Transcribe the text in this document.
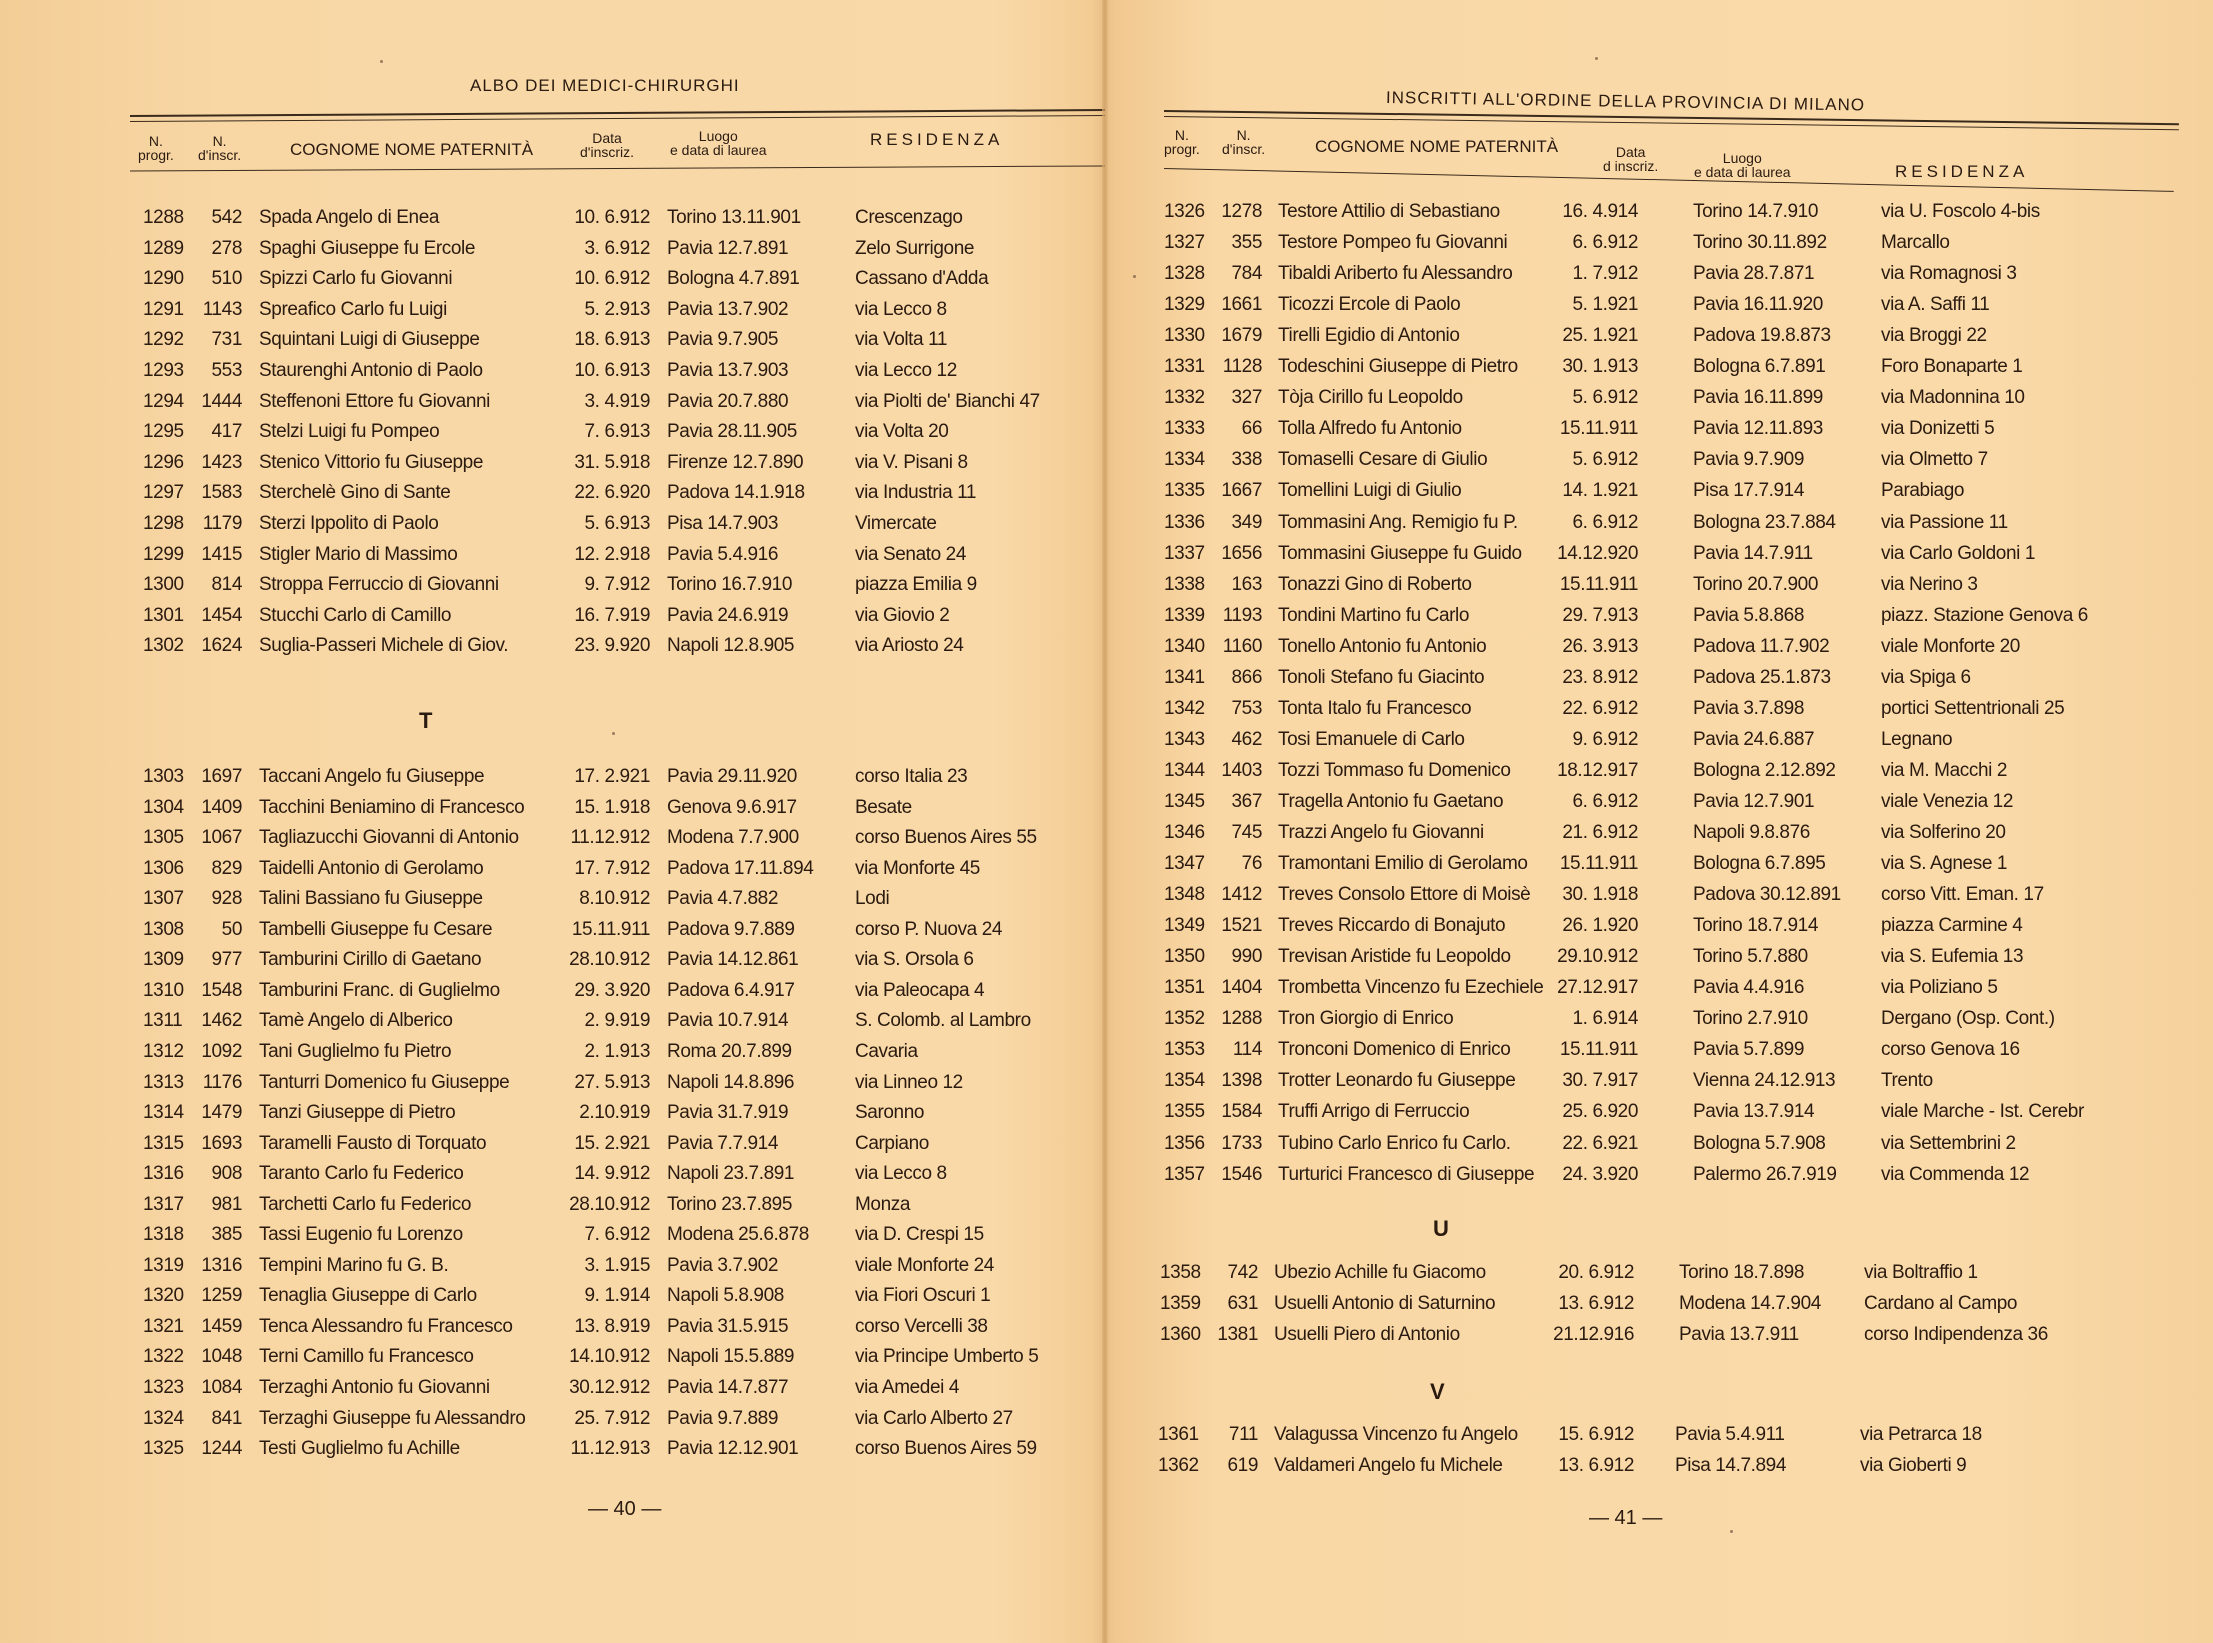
ALBO DEI MEDICI-CHIRURGHI
N.
progr.
N.
d'inscr.	COGNOME NOME PATERNITÀ
Data
d'inscriz.
Luogo
e data di laurea
RESIDENZA
1288	542 Spada Angelo di Enea	10. 6.912 Torino 13.11.901	Crescenzago
1289	278 Spaghi Giuseppe fu Ercole	3. 6.912 Pavia 12.7.891	Zelo Surrigone
1290	510 Spizzi Carlo fu Giovanni	10. 6.912 Bologna 4.7.891	Cassano d'Adda
1291	1143 Spreafico Carlo fu Luigi	5. 2.913 Pavia 13.7.902	via Lecco 8
1292	731 Squintani Luigi di Giuseppe	18. 6.913 Pavia 9.7.905	via Volta 11
1293	553 Staurenghi Antonio di Paolo	10. 6.913 Pavia 13.7.903	via Lecco 12
1294 1444 Steffenoni Ettore fu Giovanni	3. 4.919 Pavia 20.7.880	via Piolti de' Bianchi 47
1295	417 Stelzi Luigi fu Pompeo	7. 6.913 Pavia 28.11.905	via Volta 20
1296 1423 Stenico Vittorio fu Giuseppe	31. 5.918 Firenze 12.7.890	via V. Pisani 8
1297 1583 Sterchelè Gino di Sante	22. 6.920 Padova 14.1.918	via Industria 11
1298	1179 Sterzi Ippolito di Paolo	5. 6.913 Pisa 14.7.903	Vimercate
1299 1415 Stigler Mario di Massimo	12. 2.918 Pavia 5.4.916	via Senato 24
1300	814 Stroppa Ferruccio di Giovanni	9. 7.912 Torino 16.7.910	piazza Emilia 9
1301 1454 Stucchi Carlo di Camillo	16. 7.919 Pavia 24.6.919	via Giovio 2
1302 1624 Suglia-Passeri Michele di Giov.	23. 9.920 Napoli 12.8.905	via Ariosto 24
T
1303 1697 Taccani Angelo fu Giuseppe	17. 2.921 Pavia 29.11.920	corso Italia 23
1304 1409 Tacchini Beniamino di Francesco	15. 1.918 Genova 9.6.917	Besate
1305 1067 Tagliazucchi Giovanni di Antonio	11.12.912 Modena 7.7.900	corso Buenos Aires 55
1306	829 Taidelli Antonio di Gerolamo	17. 7.912 Padova 17.11.894	via Monforte 45
1307	928 Talini Bassiano fu Giuseppe	8.10.912 Pavia 4.7.882	Lodi
1308	50 Tambelli Giuseppe fu Cesare	15.11.911 Padova 9.7.889	corso P. Nuova 24
1309	977 Tamburini Cirillo di Gaetano	28.10.912 Pavia 14.12.861	via S. Orsola 6
1310 1548 Tamburini Franc. di Guglielmo	29. 3.920 Padova 6.4.917	via Paleocapa 4
1311	1462 Tamè Angelo di Alberico	2. 9.919 Pavia 10.7.914	S. Colomb. al Lambro
1312 1092 Tani Guglielmo fu Pietro	2. 1.913 Roma 20.7.899	Cavaria
1313	1176 Tanturri Domenico fu Giuseppe	27. 5.913 Napoli 14.8.896	via Linneo 12
1314 1479 Tanzi Giuseppe di Pietro	2.10.919 Pavia 31.7.919	Saronno
1315 1693 Taramelli Fausto di Torquato	15. 2.921 Pavia 7.7.914	Carpiano
1316	908 Taranto Carlo fu Federico	14. 9.912 Napoli 23.7.891	via Lecco 8
1317	981 Tarchetti Carlo fu Federico	28.10.912 Torino 23.7.895	Monza
1318	385 Tassi Eugenio fu Lorenzo	7. 6.912 Modena 25.6.878	via D. Crespi 15
1319 1316 Tempini Marino fu G. B.	3. 1.915 Pavia 3.7.902	viale Monforte 24
1320 1259 Tenaglia Giuseppe di Carlo	9. 1.914 Napoli 5.8.908	via Fiori Oscuri 1
1321 1459 Tenca Alessandro fu Francesco	13. 8.919 Pavia 31.5.915	corso Vercelli 38
1322 1048 Terni Camillo fu Francesco	14.10.912 Napoli 15.5.889	via Principe Umberto 5
1323 1084 Terzaghi Antonio fu Giovanni	30.12.912 Pavia 14.7.877	via Amedei 4
1324	841 Terzaghi Giuseppe fu Alessandro	25. 7.912 Pavia 9.7.889	via Carlo Alberto 27
1325 1244 Testi Guglielmo fu Achille	11.12.913 Pavia 12.12.901	corso Buenos Aires 59
— 40 —
INSCRITTI ALL'ORDINE DELLA PROVINCIA DI MILANO
N.
progr.
N.
d'inscr.	COGNOME NOME PATERNITÀ	Data
d inscriz.	Luogo
e data di laurea	RESIDENZA
1326 1278 Testore Attilio di Sebastiano	16. 4.914	Torino 14.7.910	via U. Foscolo 4-bis
1327	355 Testore Pompeo fu Giovanni	6. 6.912	Torino 30.11.892	Marcallo
1328	784 Tibaldi Ariberto fu Alessandro	1. 7.912	Pavia 28.7.871	via Romagnosi 3
1329 1661 Ticozzi Ercole di Paolo	5. 1.921	Pavia 16.11.920	via A. Saffi 11
1330 1679 Tirelli Egidio di Antonio	25. 1.921	Padova 19.8.873	via Broggi 22
1331 1128 Todeschini Giuseppe di Pietro	30. 1.913	Bologna 6.7.891	Foro Bonaparte 1
1332	327 Tòja Cirillo fu Leopoldo	5. 6.912	Pavia 16.11.899	via Madonnina 10
1333	66 Tolla Alfredo fu Antonio	15.11.911	Pavia 12.11.893	via Donizetti 5
1334	338 Tomaselli Cesare di Giulio	5. 6.912	Pavia 9.7.909	via Olmetto 7
1335 1667 Tomellini Luigi di Giulio	14. 1.921	Pisa 17.7.914	Parabiago
1336	349 Tommasini Ang. Remigio fu P.	6. 6.912	Bologna 23.7.884	via Passione 11
1337 1656 Tommasini Giuseppe fu Guido	14.12.920	Pavia 14.7.911	via Carlo Goldoni 1
1338	163 Tonazzi Gino di Roberto	15.11.911	Torino 20.7.900	via Nerino 3
1339 1193 Tondini Martino fu Carlo	29. 7.913	Pavia 5.8.868	piazz. Stazione Genova 6
1340 1160 Tonello Antonio fu Antonio	26. 3.913	Padova 11.7.902	viale Monforte 20
1341	866 Tonoli Stefano fu Giacinto	23. 8.912	Padova 25.1.873	via Spiga 6
1342	753 Tonta Italo fu Francesco	22. 6.912	Pavia 3.7.898	portici Settentrionali 25
1343	462 Tosi Emanuele di Carlo	9. 6.912	Pavia 24.6.887	Legnano
1344 1403 Tozzi Tommaso fu Domenico	18.12.917	Bologna 2.12.892	via M. Macchi 2
1345	367 Tragella Antonio fu Gaetano	6. 6.912	Pavia 12.7.901	viale Venezia 12
1346	745 Trazzi Angelo fu Giovanni	21. 6.912	Napoli 9.8.876	via Solferino 20
1347	76 Tramontani Emilio di Gerolamo	15.11.911	Bologna 6.7.895	via S. Agnese 1
1348 1412 Treves Consolo Ettore di Moisè	30. 1.918	Padova 30.12.891	corso Vitt. Eman. 17
1349 1521 Treves Riccardo di Bonajuto	26. 1.920	Torino 18.7.914	piazza Carmine 4
1350	990 Trevisan Aristide fu Leopoldo	29.10.912	Torino 5.7.880	via S. Eufemia 13
1351 1404 Trombetta Vincenzo fu Ezechiele 27.12.917	Pavia 4.4.916	via Poliziano 5
1352 1288 Tron Giorgio di Enrico	1. 6.914	Torino 2.7.910	Dergano (Osp. Cont.)
1353	114 Tronconi Domenico di Enrico	15.11.911	Pavia 5.7.899	corso Genova 16
1354 1398 Trotter Leonardo fu Giuseppe	30. 7.917	Vienna 24.12.913	Trento
1355 1584 Truffi Arrigo di Ferruccio	25. 6.920	Pavia 13.7.914	viale Marche - Ist. Cerebr
1356 1733 Tubino Carlo Enrico fu Carlo.	22. 6.921	Bologna 5.7.908	via Settembrini 2
1357 1546 Turturici Francesco di Giuseppe	24. 3.920	Palermo 26.7.919	via Commenda 12
U
1358	742 Ubezio Achille fu Giacomo	20. 6.912 Torino 18.7.898	via Boltraffio 1
1359	631 Usuelli Antonio di Saturnino	13. 6.912 Modena 14.7.904	Cardano al Campo
1360 1381 Usuelli Piero di Antonio	21.12.916 Pavia 13.7.911	corso Indipendenza 36
V
1361	711 Valagussa Vincenzo fu Angelo	15. 6.912 Pavia 5.4.911	via Petrarca 18
1362	619 Valdameri Angelo fu Michele	13. 6.912 Pisa 14.7.894	via Gioberti 9
— 41 —
